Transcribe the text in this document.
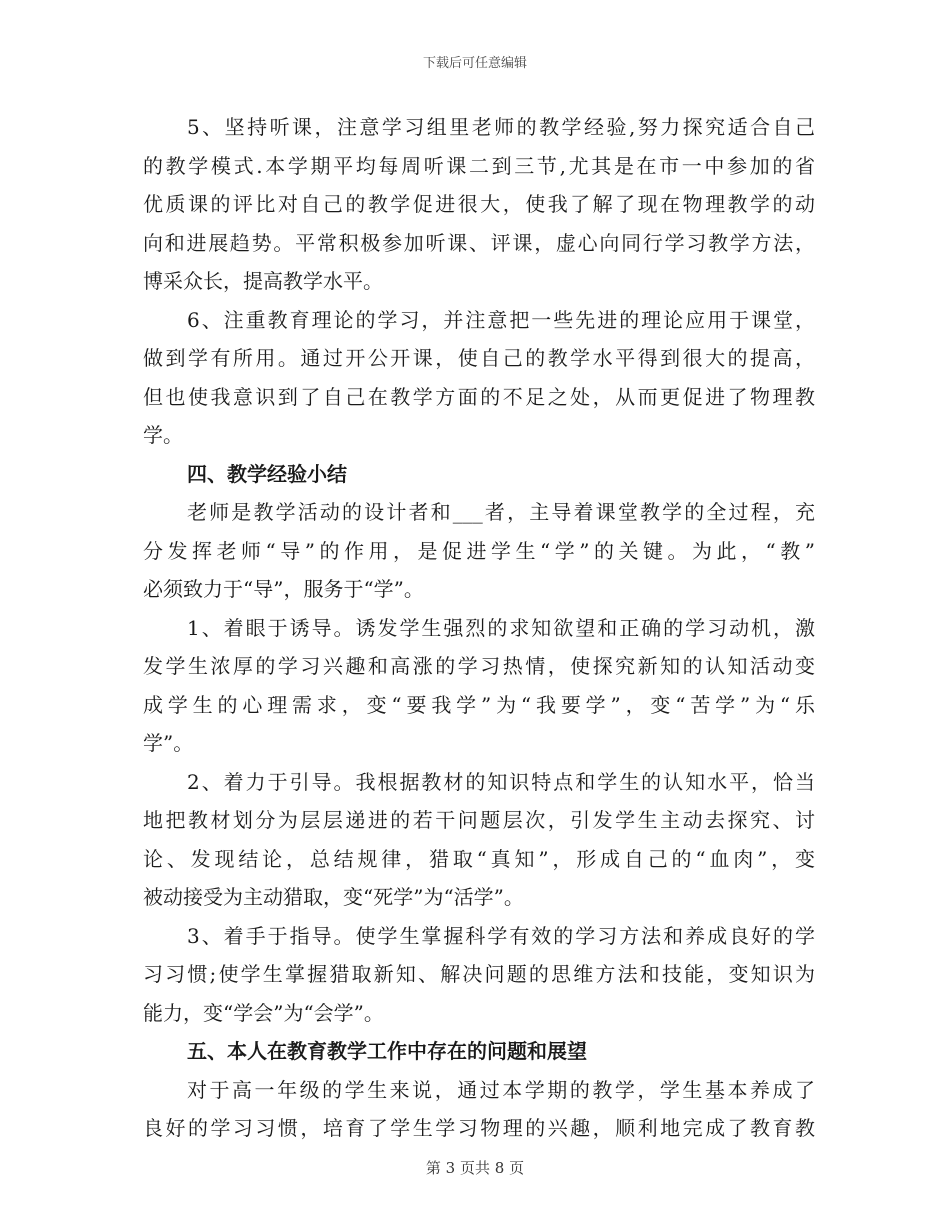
下载后可任意编辑
5、坚持听课，注意学习组里老师的教学经验,努力探究适合自己
的教学模式.本学期平均每周听课二到三节,尤其是在市一中参加的省
优质课的评比对自己的教学促进很大，使我了解了现在物理教学的动
向和进展趋势。平常积极参加听课、评课，虚心向同行学习教学方法，
博采众长，提高教学水平。
6、注重教育理论的学习，并注意把一些先进的理论应用于课堂，
做到学有所用。通过开公开课，使自己的教学水平得到很大的提高，
但也使我意识到了自己在教学方面的不足之处，从而更促进了物理教
学。
四、教学经验小结
老师是教学活动的设计者和___者，主导着课堂教学的全过程，充
分发挥老师“导”的作用，是促进学生“学”的关键。为此，“教”
必须致力于“导”，服务于“学”。
1、着眼于诱导。诱发学生强烈的求知欲望和正确的学习动机，激
发学生浓厚的学习兴趣和高涨的学习热情，使探究新知的认知活动变
成学生的心理需求，变“要我学”为“我要学”，变“苦学”为“乐
学”。
2、着力于引导。我根据教材的知识特点和学生的认知水平，恰当
地把教材划分为层层递进的若干问题层次，引发学生主动去探究、讨
论、发现结论，总结规律，猎取“真知”，形成自己的“血肉”，变
被动接受为主动猎取，变“死学”为“活学”。
3、着手于指导。使学生掌握科学有效的学习方法和养成良好的学
习习惯;使学生掌握猎取新知、解决问题的思维方法和技能，变知识为
能力，变“学会”为“会学”。
五、本人在教育教学工作中存在的问题和展望
对于高一年级的学生来说，通过本学期的教学，学生基本养成了
良好的学习习惯，培育了学生学习物理的兴趣，顺利地完成了教育教
第 3 页共 8 页
